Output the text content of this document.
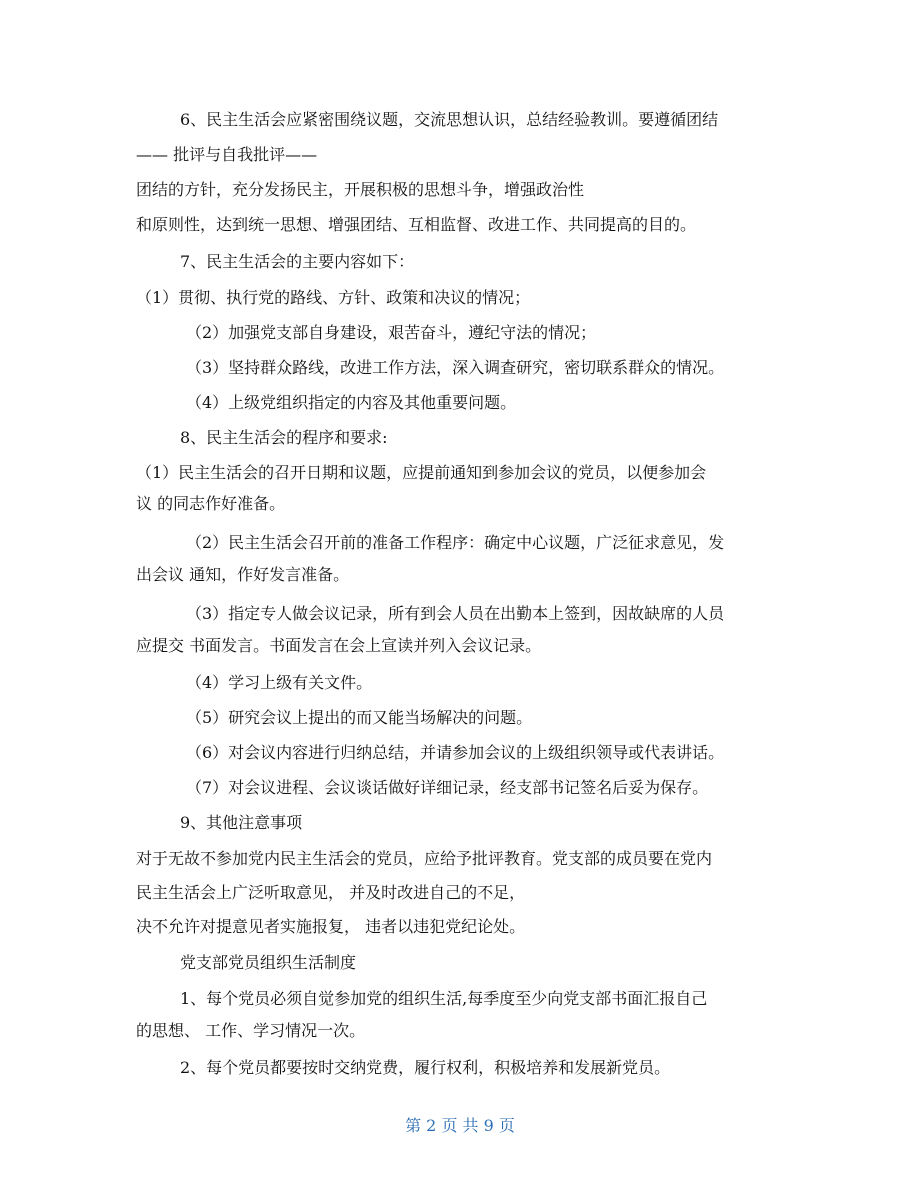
6、民主生活会应紧密围绕议题，交流思想认识，总结经验教训。要遵循团结
—— 批评与自我批评——
团结的方针，充分发扬民主，开展积极的思想斗争，增强政治性
和原则性，达到统一思想、增强团结、互相监督、改进工作、共同提高的目的。
7、民主生活会的主要内容如下：
（1）贯彻、执行党的路线、方针、政策和决议的情况；
（2）加强党支部自身建设，艰苦奋斗，遵纪守法的情况；
（3）坚持群众路线，改进工作方法，深入调查研究，密切联系群众的情况。
（4）上级党组织指定的内容及其他重要问题。
8、民主生活会的程序和要求:
（1）民主生活会的召开日期和议题，应提前通知到参加会议的党员，以便参加会
议 的同志作好准备。
（2）民主生活会召开前的准备工作程序：确定中心议题，广泛征求意见，发
出会议 通知，作好发言准备。
（3）指定专人做会议记录，所有到会人员在出勤本上签到，因故缺席的人员
应提交 书面发言。书面发言在会上宣读并列入会议记录。
（4）学习上级有关文件。
（5）研究会议上提出的而又能当场解决的问题。
（6）对会议内容进行归纳总结，并请参加会议的上级组织领导或代表讲话。
（7）对会议进程、会议谈话做好详细记录，经支部书记签名后妥为保存。
9、其他注意事项
对于无故不参加党内民主生活会的党员，应给予批评教育。党支部的成员要在党内
民主生活会上广泛听取意见， 并及时改进自己的不足，
决不允许对提意见者实施报复， 违者以违犯党纪论处。
党支部党员组织生活制度
1、每个党员必须自觉参加党的组织生活,每季度至少向党支部书面汇报自己
的思想、 工作、学习情况一次。
2、每个党员都要按时交纳党费，履行权利，积极培养和发展新党员。
第 2 页 共 9 页
